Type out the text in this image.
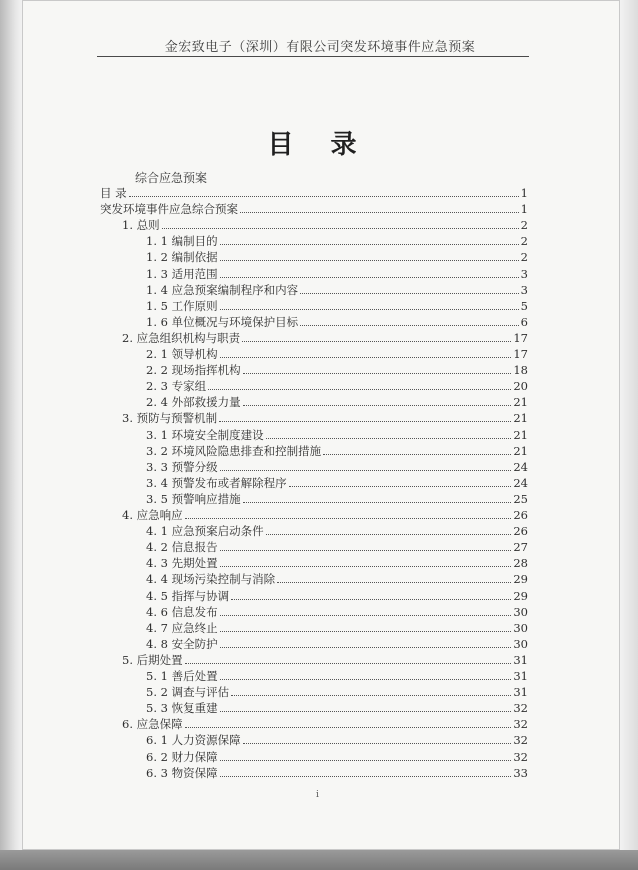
金宏致电子（深圳）有限公司突发环境事件应急预案
目 录
综合应急预案
目 录	1
突发环境事件应急综合预案	1
1. 总则	2
1. 1 编制目的	2
1. 2 编制依据	2
1. 3 适用范围	3
1. 4 应急预案编制程序和内容	3
1. 5 工作原则	5
1. 6 单位概况与环境保护目标	6
2. 应急组织机构与职责	17
2. 1 领导机构	17
2. 2 现场指挥机构	18
2. 3 专家组	20
2. 4 外部救援力量	21
3. 预防与预警机制	21
3. 1 环境安全制度建设	21
3. 2 环境风险隐患排查和控制措施	21
3. 3 预警分级	24
3. 4 预警发布或者解除程序	24
3. 5 预警响应措施	25
4. 应急响应	26
4. 1 应急预案启动条件	26
4. 2 信息报告	27
4. 3 先期处置	28
4. 4 现场污染控制与消除	29
4. 5 指挥与协调	29
4. 6 信息发布	30
4. 7 应急终止	30
4. 8 安全防护	30
5. 后期处置	31
5. 1 善后处置	31
5. 2 调查与评估	31
5. 3 恢复重建	32
6. 应急保障	32
6. 1 人力资源保障	32
6. 2 财力保障	32
6. 3 物资保障	33
i
